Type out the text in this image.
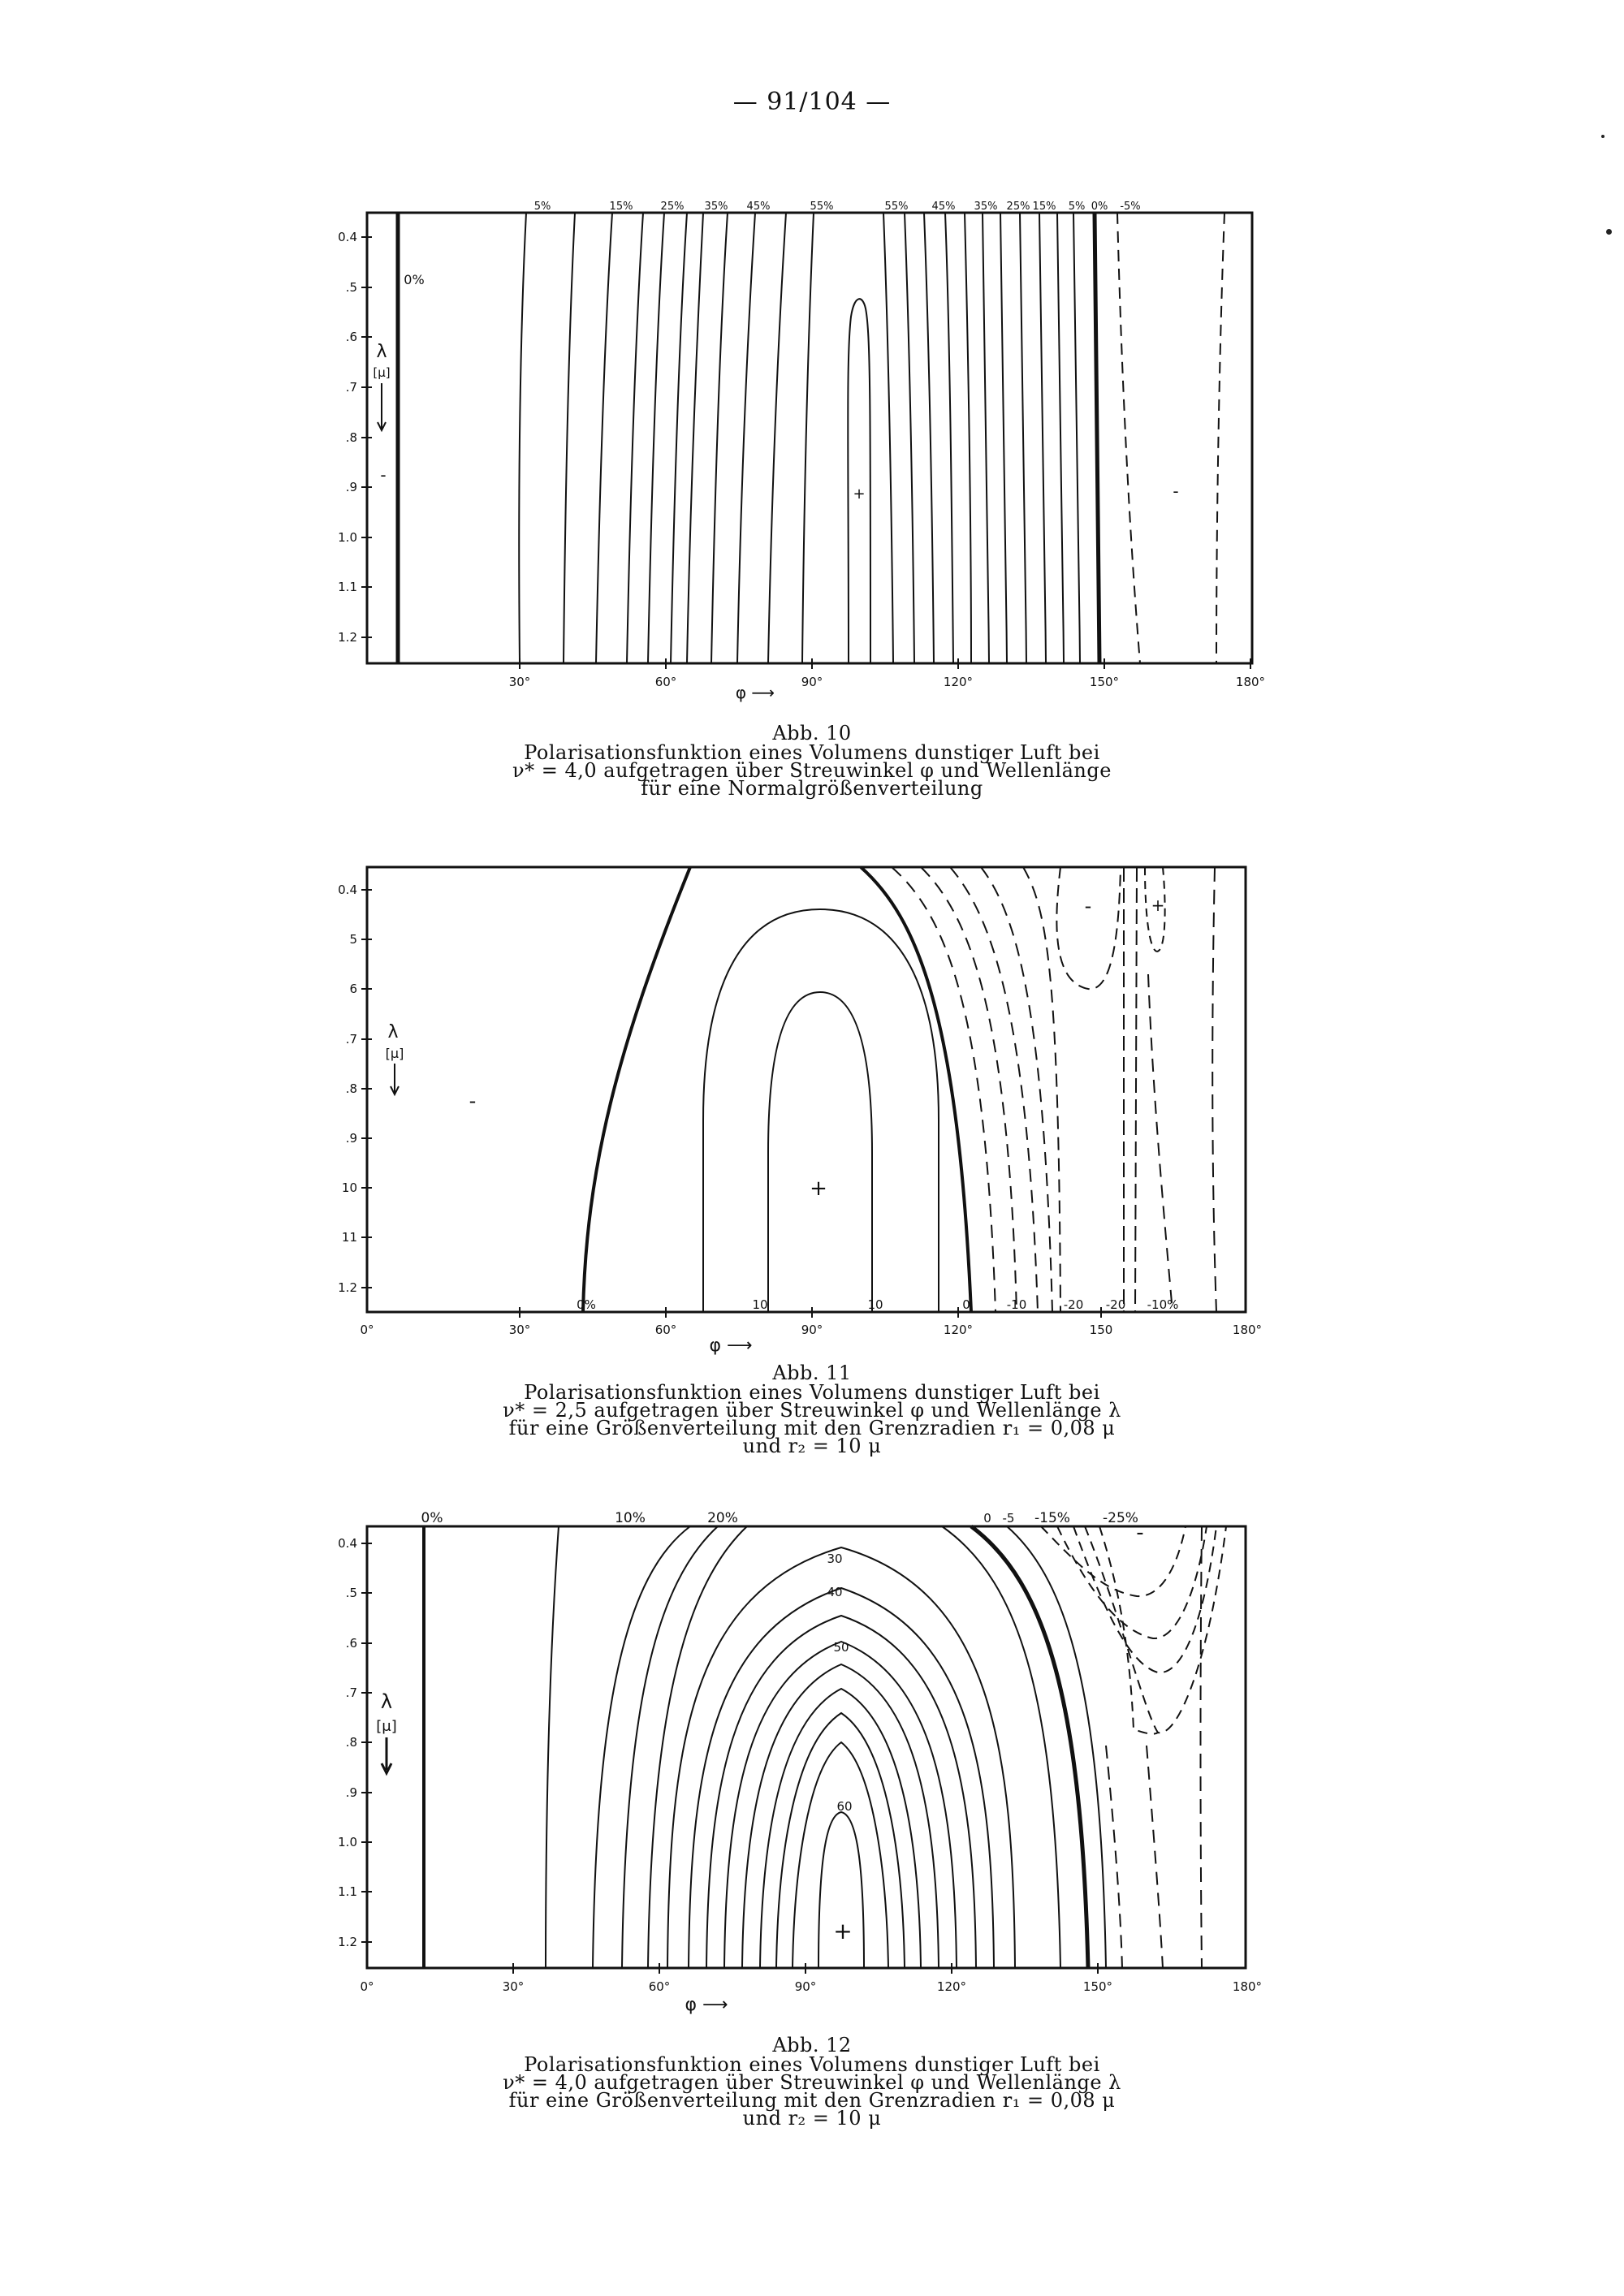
— 91/104 —
0.4
.5
.6
.7
.8
.9
1.0
1.1
1.2
30°	60°	90°	120°	150°	180°
φ ⟶
λ
[μ]
5%	15%	25% 35% 45%	55%	55% 45% 35% 25% 15% 5% 0% -5%
0%
-
+	-
Abb. 10
Polarisationsfunktion eines Volumens dunstiger Luft bei
ν* = 4,0 aufgetragen über Streuwinkel φ und Wellenlänge
für eine Normalgrößenverteilung
0.4
5
6
.7
.8
.9
10
11
1.2
0°	30°	60°	90°	120°	150	180°
φ ⟶
λ
[μ]
0%	10	10	0	-10	-20 -20 -10%
-
+
-	+
Abb. 11
Polarisationsfunktion eines Volumens dunstiger Luft bei
ν* = 2,5 aufgetragen über Streuwinkel φ und Wellenlänge λ
für eine Größenverteilung mit den Grenzradien r₁ = 0,08 μ
und r₂ = 10 μ
0.4
.5
.6
.7
.8
.9
1.0
1.1
1.2
0°	30°	60°	90°	120°	150°	180°
φ ⟶
λ
[μ]
0%	10%	20%	0 -5 -15% -25%
30
40
50
60
+
-
Abb. 12
Polarisationsfunktion eines Volumens dunstiger Luft bei
ν* = 4,0 aufgetragen über Streuwinkel φ und Wellenlänge λ
für eine Größenverteilung mit den Grenzradien r₁ = 0,08 μ
und r₂ = 10 μ
